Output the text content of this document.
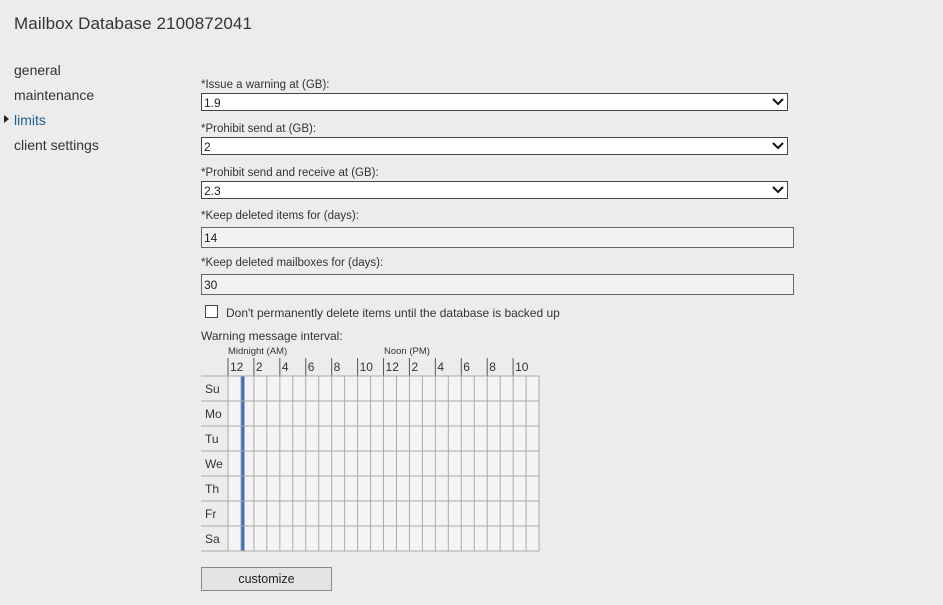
Mailbox Database 2100872041
general
maintenance
limits
client settings
*Issue a warning at (GB):
1.9
*Prohibit send at (GB):
2
*Prohibit send and receive at (GB):
2.3
*Keep deleted items for (days):
14
*Keep deleted mailboxes for (days):
30
Don't permanently delete items until the database is backed up
Warning message interval:
Midnight (AM)	Noon (PM)
12 2 4 6 8 10 12 2 4 6 8 10
Su
Mo
Tu
We
Th
Fr
Sa
customize
